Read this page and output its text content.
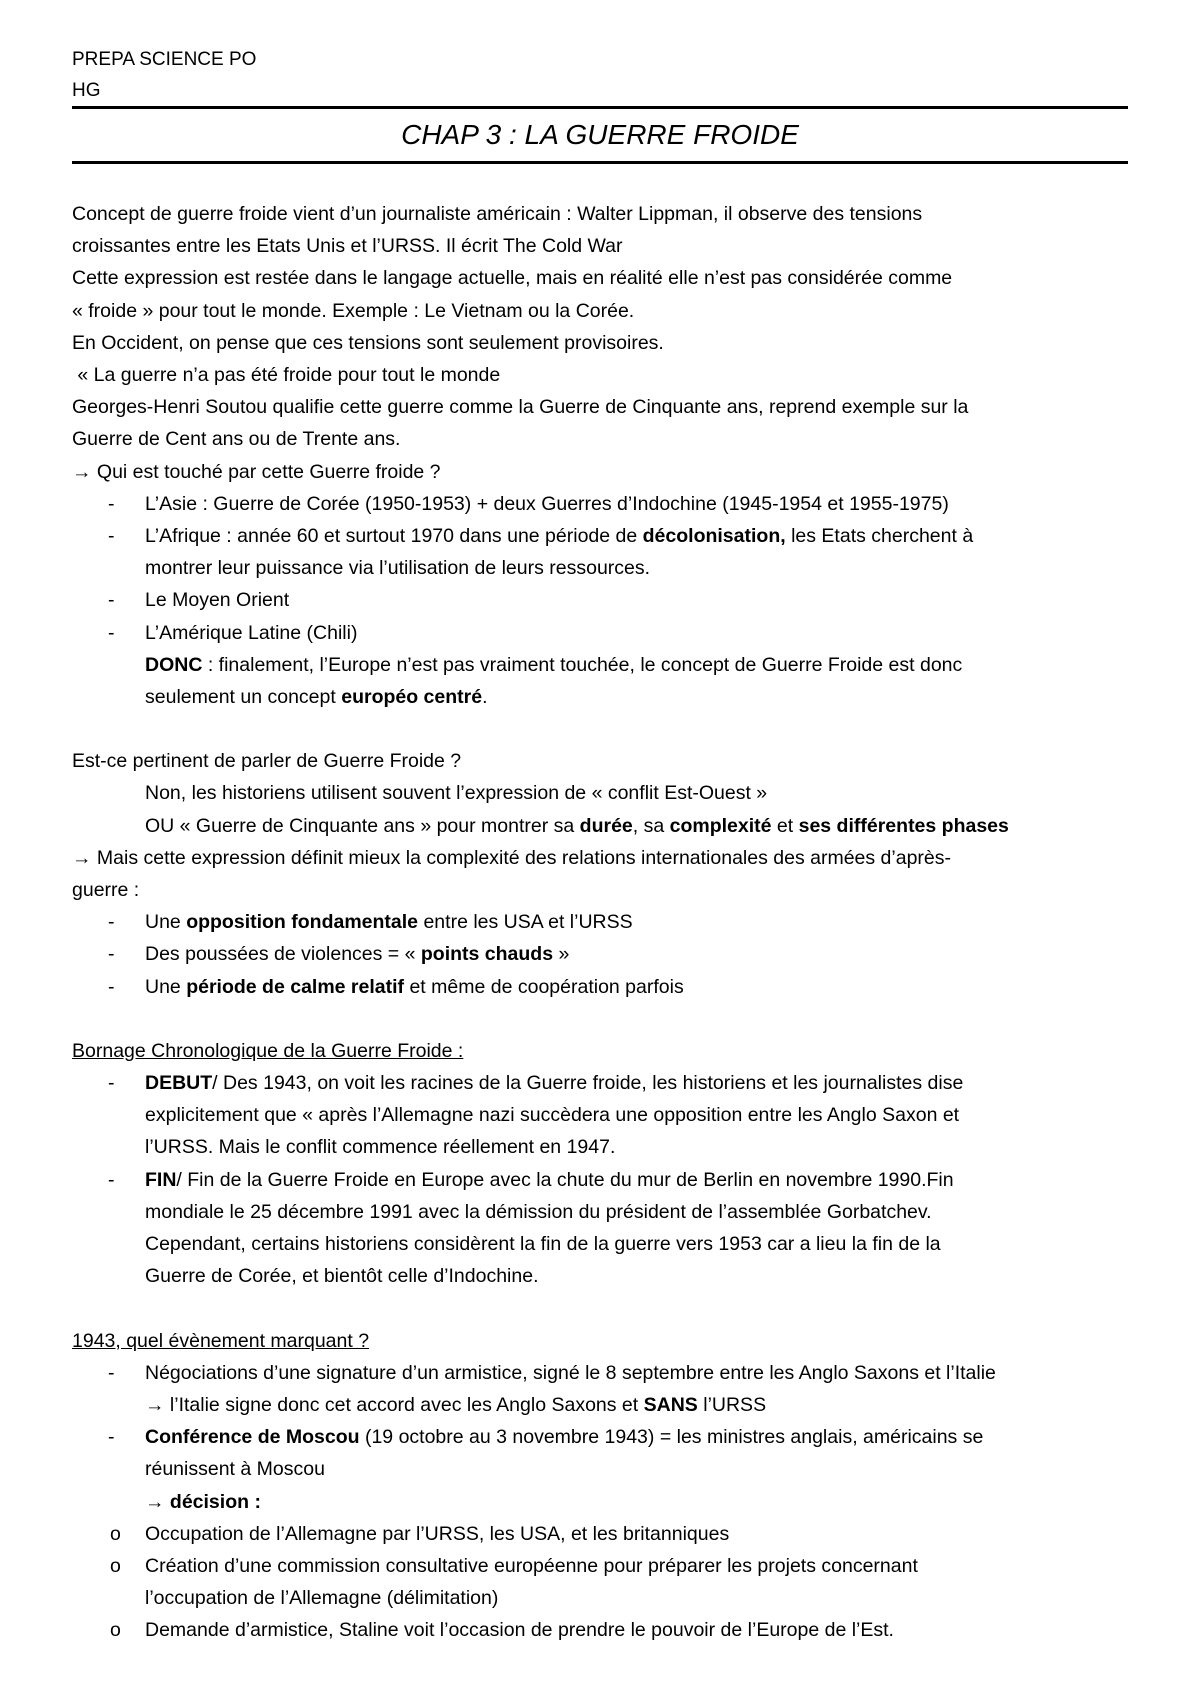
PREPA SCIENCE PO
HG
CHAP 3 : LA GUERRE FROIDE

Concept de guerre froide vient d’un journaliste américain : Walter Lippman, il observe des tensions

croissantes entre les Etats Unis et l’URSS. Il écrit The Cold War

Cette expression est restée dans le langage actuelle, mais en réalité elle n’est pas considérée comme

« froide » pour tout le monde. Exemple : Le Vietnam ou la Corée.

En Occident, on pense que ces tensions sont seulement provisoires.

« La guerre n’a pas été froide pour tout le monde

Georges-Henri Soutou qualifie cette guerre comme la Guerre de Cinquante ans, reprend exemple sur la

Guerre de Cent ans ou de Trente ans.

→ Qui est touché par cette Guerre froide ?

- L’Asie : Guerre de Corée (1950-1953) + deux Guerres d’Indochine (1945-1954 et 1955-1975)
- L’Afrique : année 60 et surtout 1970 dans une période de décolonisation, les Etats cherchent à
montrer leur puissance via l’utilisation de leurs ressources.
- Le Moyen Orient
- L’Amérique Latine (Chili)
DONC : finalement, l’Europe n’est pas vraiment touchée, le concept de Guerre Froide est donc
seulement un concept européo centré.

Est-ce pertinent de parler de Guerre Froide ?

Non, les historiens utilisent souvent l’expression de « conflit Est-Ouest »
OU « Guerre de Cinquante ans » pour montrer sa durée, sa complexité et ses différentes phases

→ Mais cette expression définit mieux la complexité des relations internationales des armées d’après-

guerre :

- Une opposition fondamentale entre les USA et l’URSS
- Des poussées de violences = « points chauds »
- Une période de calme relatif et même de coopération parfois

Bornage Chronologique de la Guerre Froide :

- DEBUT/ Des 1943, on voit les racines de la Guerre froide, les historiens et les journalistes dise
explicitement que « après l’Allemagne nazi succèdera une opposition entre les Anglo Saxon et
l’URSS. Mais le conflit commence réellement en 1947.
- FIN/ Fin de la Guerre Froide en Europe avec la chute du mur de Berlin en novembre 1990.Fin
mondiale le 25 décembre 1991 avec la démission du président de l’assemblée Gorbatchev.
Cependant, certains historiens considèrent la fin de la guerre vers 1953 car a lieu la fin de la
Guerre de Corée, et bientôt celle d’Indochine.

1943, quel évènement marquant ?

- Négociations d’une signature d’un armistice, signé le 8 septembre entre les Anglo Saxons et l’Italie
→ l’Italie signe donc cet accord avec les Anglo Saxons et SANS l’URSS
- Conférence de Moscou (19 octobre au 3 novembre 1943) = les ministres anglais, américains se
réunissent à Moscou
→ décision :
o Occupation de l’Allemagne par l’URSS, les USA, et les britanniques
o Création d’une commission consultative européenne pour préparer les projets concernant
l’occupation de l’Allemagne (délimitation)
o Demande d’armistice, Staline voit l’occasion de prendre le pouvoir de l’Europe de l’Est.
